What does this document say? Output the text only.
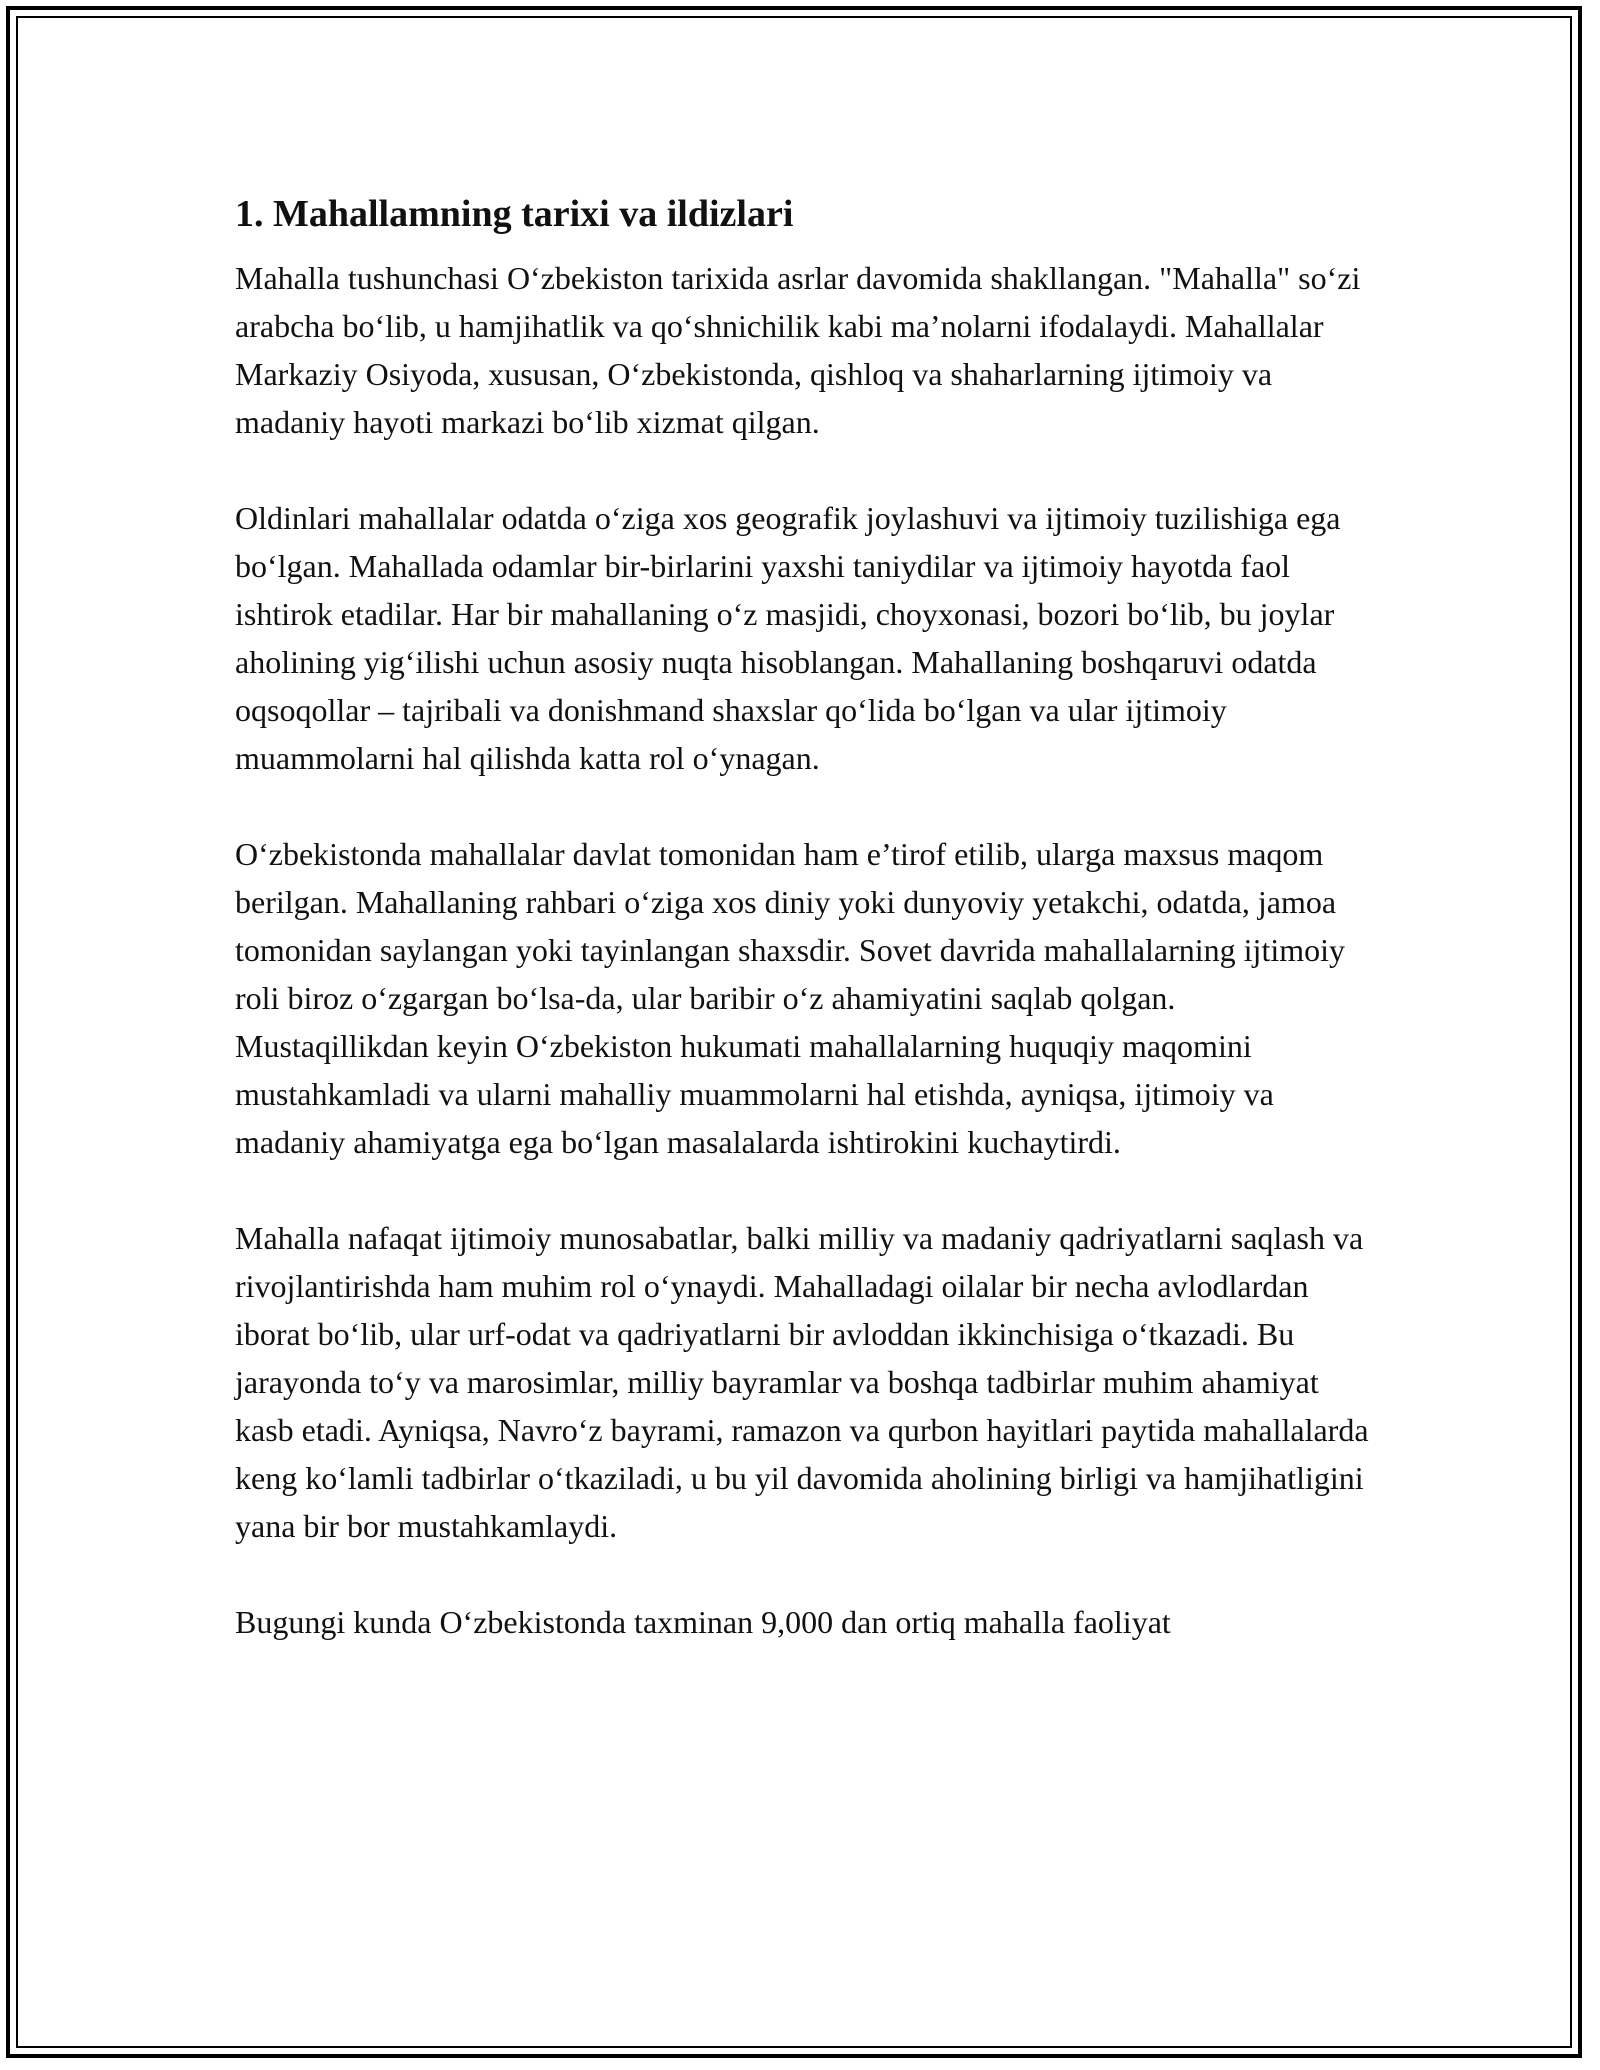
1. Mahallamning tarixi va ildizlari

Mahalla tushunchasi O‘zbekiston tarixida asrlar davomida shakllangan. "Mahalla" so‘zi arabcha bo‘lib, u hamjihatlik va qo‘shnichilik kabi ma’nolarni ifodalaydi. Mahallalar Markaziy Osiyoda, xususan, O‘zbekistonda, qishloq va shaharlarning ijtimoiy va madaniy hayoti markazi bo‘lib xizmat qilgan.

Oldinlari mahallalar odatda o‘ziga xos geografik joylashuvi va ijtimoiy tuzilishiga ega bo‘lgan. Mahallada odamlar bir-birlarini yaxshi taniydilar va ijtimoiy hayotda faol ishtirok etadilar. Har bir mahallaning o‘z masjidi, choyxonasi, bozori bo‘lib, bu joylar aholining yig‘ilishi uchun asosiy nuqta hisoblangan. Mahallaning boshqaruvi odatda oqsoqollar – tajribali va donishmand shaxslar qo‘lida bo‘lgan va ular ijtimoiy muammolarni hal qilishda katta rol o‘ynagan.

O‘zbekistonda mahallalar davlat tomonidan ham e’tirof etilib, ularga maxsus maqom berilgan. Mahallaning rahbari o‘ziga xos diniy yoki dunyoviy yetakchi, odatda, jamoa tomonidan saylangan yoki tayinlangan shaxsdir. Sovet davrida mahallalarning ijtimoiy roli biroz o‘zgargan bo‘lsa-da, ular baribir o‘z ahamiyatini saqlab qolgan. Mustaqillikdan keyin O‘zbekiston hukumati mahallalarning huquqiy maqomini mustahkamladi va ularni mahalliy muammolarni hal etishda, ayniqsa, ijtimoiy va madaniy ahamiyatga ega bo‘lgan masalalarda ishtirokini kuchaytirdi.

Mahalla nafaqat ijtimoiy munosabatlar, balki milliy va madaniy qadriyatlarni saqlash va rivojlantirishda ham muhim rol o‘ynaydi. Mahalladagi oilalar bir necha avlodlardan iborat bo‘lib, ular urf-odat va qadriyatlarni bir avloddan ikkinchisiga o‘tkazadi. Bu jarayonda to‘y va marosimlar, milliy bayramlar va boshqa tadbirlar muhim ahamiyat kasb etadi. Ayniqsa, Navro‘z bayrami, ramazon va qurbon hayitlari paytida mahallalarda keng ko‘lamli tadbirlar o‘tkaziladi, u bu yil davomida aholining birligi va hamjihatligini yana bir bor mustahkamlaydi.

Bugungi kunda O‘zbekistonda taxminan 9,000 dan ortiq mahalla faoliyat
